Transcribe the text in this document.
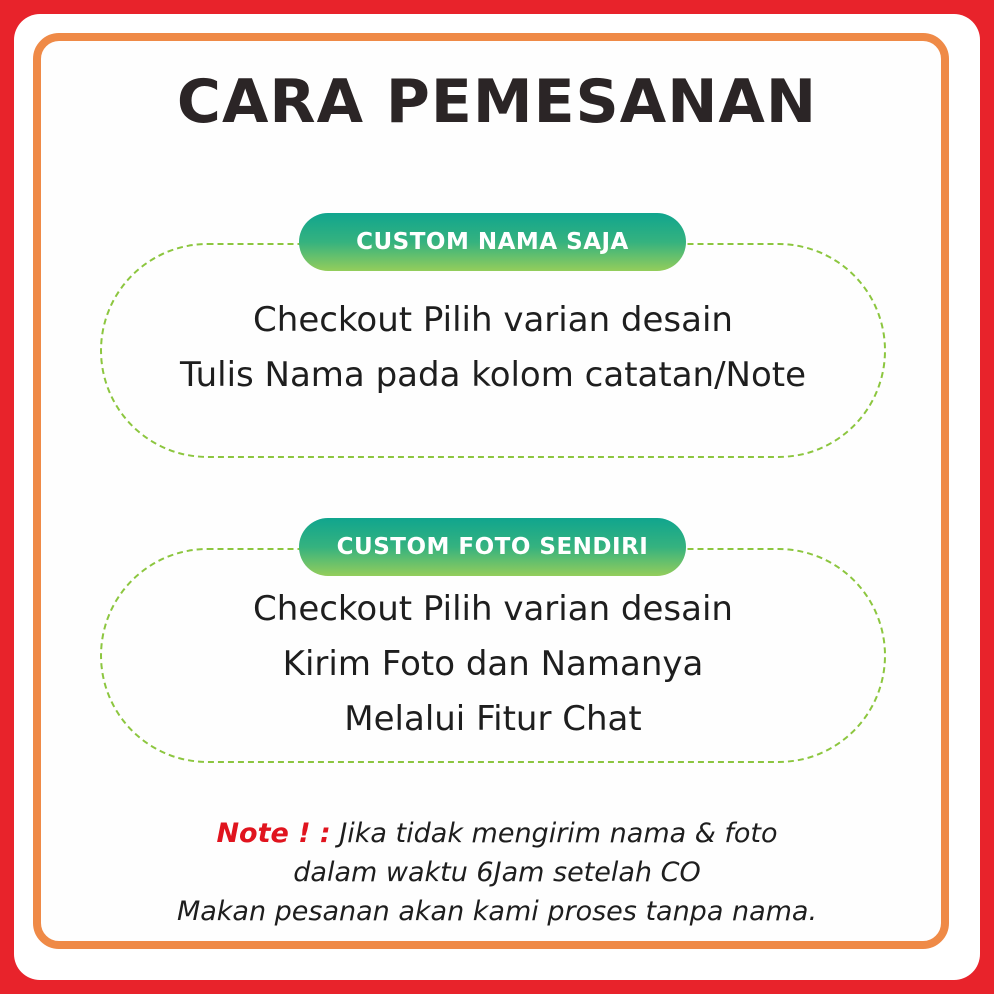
CARA PEMESANAN
CUSTOM NAMA SAJA
Checkout Pilih varian desain
Tulis Nama pada kolom catatan/Note
CUSTOM FOTO SENDIRI
Checkout Pilih varian desain
Kirim Foto dan Namanya
Melalui Fitur Chat
Note ! : Jika tidak mengirim nama & foto
dalam waktu 6Jam setelah CO
Makan pesanan akan kami proses tanpa nama.
